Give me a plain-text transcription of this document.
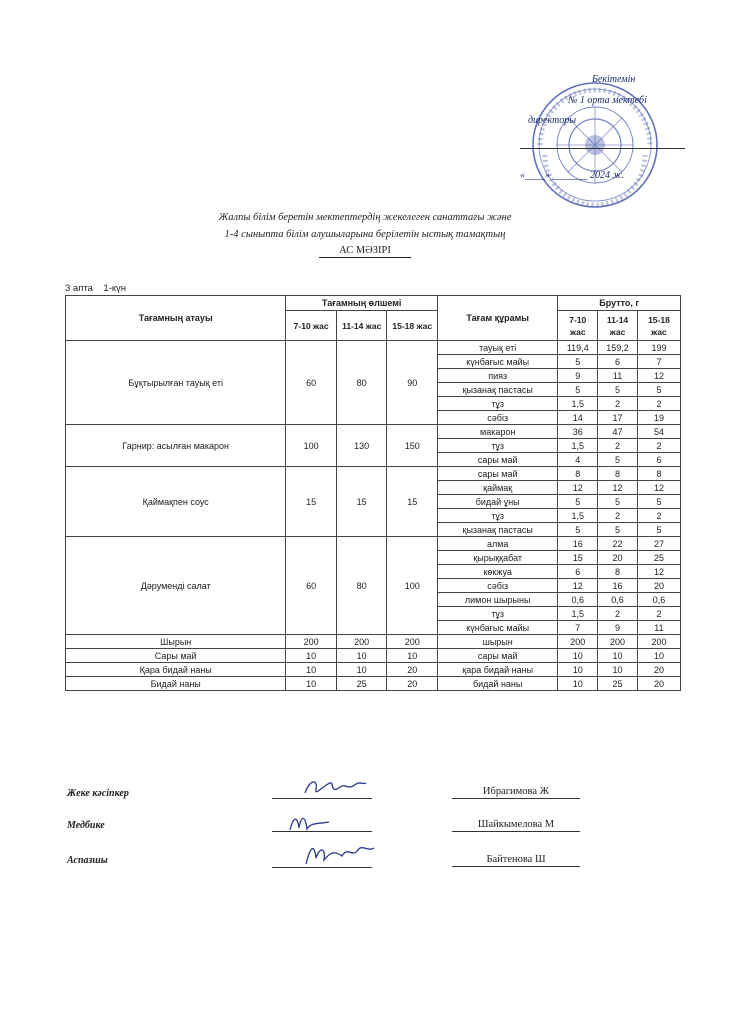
Бекітемін
№ 1 орта мектебі
директоры
«____» _______ 2024 ж.
Жалпы білім беретін мектептердің жекелеген санаттағы және
1-4 сыныпта білім алушыларына берілетін ыстық тамақтың
АС МӘЗІРІ
3 апта    1-күн
Тағамның атауы	Тағамның өлшемі			Тағам құрамы	Брутто, г		
	7-10 жас	11-14 жас	15-18 жас		7-10 жас	11-14 жас	15-18 жас
Бұқтырылған тауық еті	60	80	90	тауық еті	119,4	159,2	199
				күнбағыс майы	5	6	7
				пияз	9	11	12
				қызанақ пастасы	5	5	5
				тұз	1,5	2	2
				сәбіз	14	17	19
Гарнир: асылған макарон	100	130	150	макарон	36	47	54
				тұз	1,5	2	2
				сары май	4	5	6
Қаймақпен соус	15	15	15	сары май	8	8	8
				қаймақ	12	12	12
				бидай ұны	5	5	5
				тұз	1,5	2	2
				қызанақ пастасы	5	5	5
Дәруменді салат	60	80	100	алма	16	22	27
				қырыққабат	15	20	25
				көкжуа	6	8	12
				сәбіз	12	16	20
				лимон шырыны	0,6	0,6	0,6
				тұз	1,5	2	2
				күнбағыс майы	7	9	11
Шырын	200	200	200	шырын	200	200	200
Сары май	10	10	10	сары май	10	10	10
Қара бидай наны	10	10	20	қара бидай наны	10	10	20
Бидай наны	10	25	20	бидай наны	10	25	20
Жеке кәсіпкер	Ибрагимова Ж
Медбике	Шайкымелова М
Аспазшы	Байтенова Ш
